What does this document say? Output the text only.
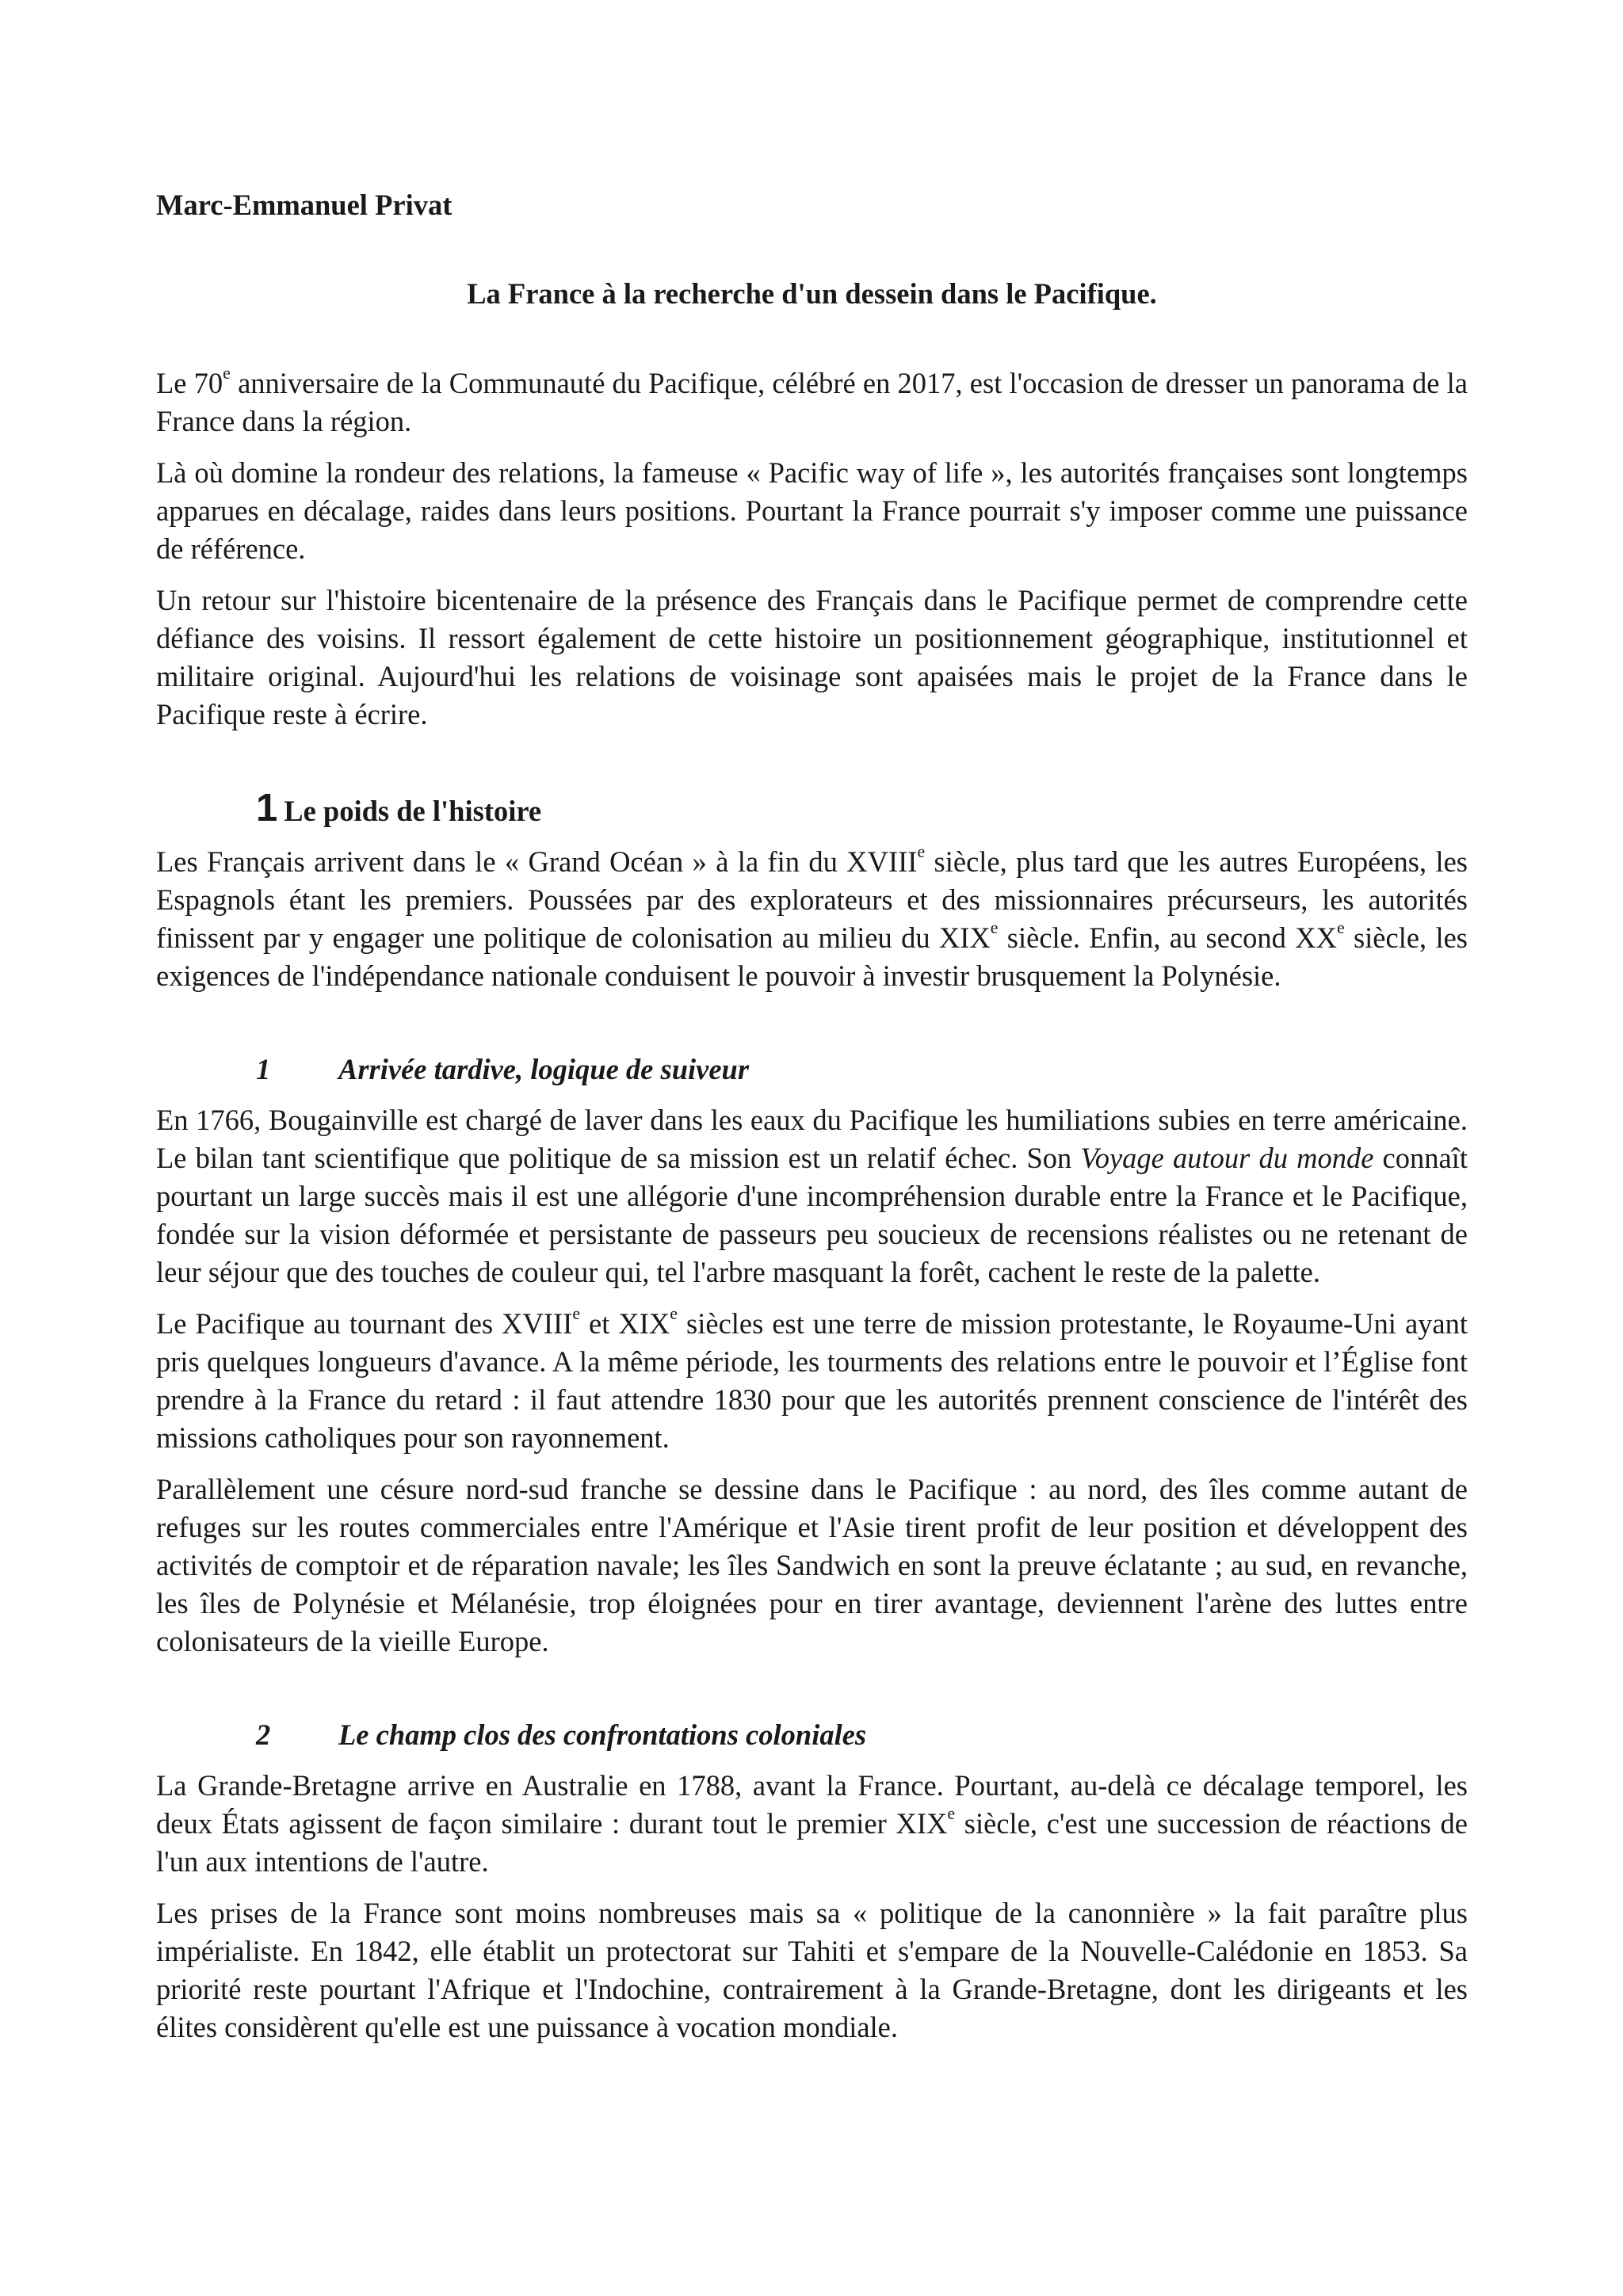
Marc-Emmanuel Privat

La France à la recherche d'un dessein dans le Pacifique.

Le 70e anniversaire de la Communauté du Pacifique, célébré en 2017, est l'occasion de dresser un panorama de la France dans la région.

Là où domine la rondeur des relations, la fameuse « Pacific way of life », les autorités françaises sont longtemps apparues en décalage, raides dans leurs positions. Pourtant la France pourrait s'y imposer comme une puissance de référence.

Un retour sur l'histoire bicentenaire de la présence des Français dans le Pacifique permet de comprendre cette défiance des voisins. Il ressort également de cette histoire un positionnement géographique, institutionnel et militaire original. Aujourd'hui les relations de voisinage sont apaisées mais le projet de la France dans le Pacifique reste à écrire.

1 Le poids de l'histoire

Les Français arrivent dans le « Grand Océan » à la fin du XVIIIe siècle, plus tard que les autres Européens, les Espagnols étant les premiers. Poussées par des explorateurs et des missionnaires précurseurs, les autorités finissent par y engager une politique de colonisation au milieu du XIXe siècle. Enfin, au second XXe siècle, les exigences de l'indépendance nationale conduisent le pouvoir à investir brusquement la Polynésie.

1 Arrivée tardive, logique de suiveur

En 1766, Bougainville est chargé de laver dans les eaux du Pacifique les humiliations subies en terre américaine. Le bilan tant scientifique que politique de sa mission est un relatif échec. Son Voyage autour du monde connaît pourtant un large succès mais il est une allégorie d'une incompréhension durable entre la France et le Pacifique, fondée sur la vision déformée et persistante de passeurs peu soucieux de recensions réalistes ou ne retenant de leur séjour que des touches de couleur qui, tel l'arbre masquant la forêt, cachent le reste de la palette.

Le Pacifique au tournant des XVIIIe et XIXe siècles est une terre de mission protestante, le Royaume-Uni ayant pris quelques longueurs d'avance. A la même période, les tourments des relations entre le pouvoir et l’Église font prendre à la France du retard : il faut attendre 1830 pour que les autorités prennent conscience de l'intérêt des missions catholiques pour son rayonnement.

Parallèlement une césure nord-sud franche se dessine dans le Pacifique : au nord, des îles comme autant de refuges sur les routes commerciales entre l'Amérique et l'Asie tirent profit de leur position et développent des activités de comptoir et de réparation navale; les îles Sandwich en sont la preuve éclatante ; au sud, en revanche, les îles de Polynésie et Mélanésie, trop éloignées pour en tirer avantage, deviennent l'arène des luttes entre colonisateurs de la vieille Europe.

2 Le champ clos des confrontations coloniales

La Grande-Bretagne arrive en Australie en 1788, avant la France. Pourtant, au-delà ce décalage temporel, les deux États agissent de façon similaire : durant tout le premier XIXe siècle, c'est une succession de réactions de l'un aux intentions de l'autre.

Les prises de la France sont moins nombreuses mais sa « politique de la canonnière » la fait paraître plus impérialiste. En 1842, elle établit un protectorat sur Tahiti et s'empare de la Nouvelle-Calédonie en 1853. Sa priorité reste pourtant l'Afrique et l'Indochine, contrairement à la Grande-Bretagne, dont les dirigeants et les élites considèrent qu'elle est une puissance à vocation mondiale.
